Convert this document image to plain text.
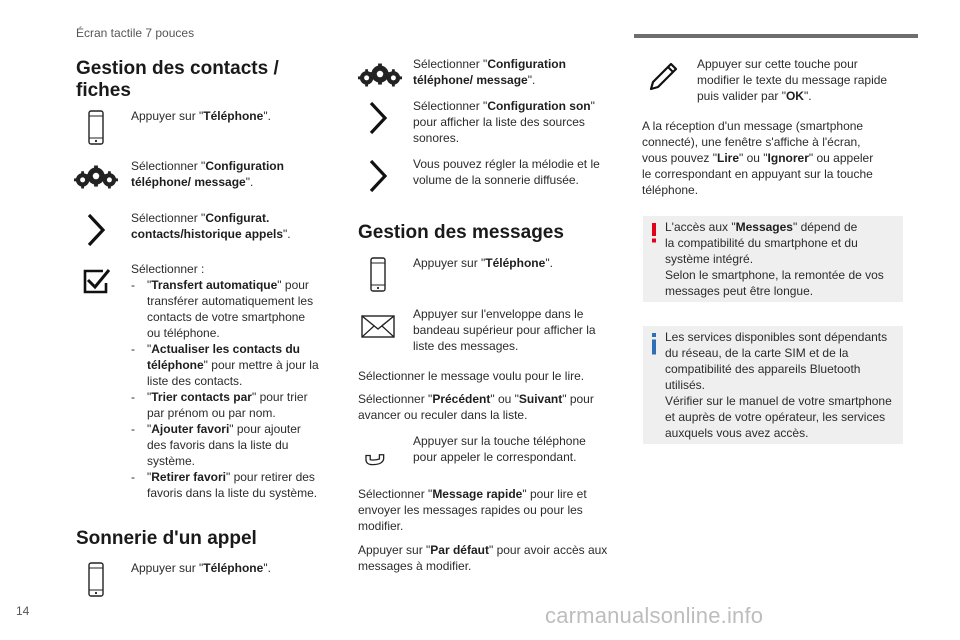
Écran tactile 7 pouces
Gestion des contacts /
fiches
Appuyer sur "Téléphone".
Sélectionner "Configuration
téléphone/ message".
Sélectionner "Configurat.
contacts/historique appels".
Sélectionner :
- "Transfert automatique" pour
transférer automatiquement les
contacts de votre smartphone
ou téléphone.
- "Actualiser les contacts du
téléphone" pour mettre à jour la
liste des contacts.
- "Trier contacts par" pour trier
par prénom ou par nom.
- "Ajouter favori" pour ajouter
des favoris dans la liste du
système.
- "Retirer favori" pour retirer des
favoris dans la liste du système.
Sonnerie d'un appel
Appuyer sur "Téléphone".
Sélectionner "Configuration
téléphone/ message".
Sélectionner "Configuration son"
pour afficher la liste des sources
sonores.
Vous pouvez régler la mélodie et le
volume de la sonnerie diffusée.
Gestion des messages
Appuyer sur "Téléphone".
Appuyer sur l'enveloppe dans le
bandeau supérieur pour afficher la
liste des messages.
Sélectionner le message voulu pour le lire.
Sélectionner "Précédent" ou "Suivant" pour
avancer ou reculer dans la liste.
Appuyer sur la touche téléphone
pour appeler le correspondant.
Sélectionner "Message rapide" pour lire et
envoyer les messages rapides ou pour les
modifier.
Appuyer sur "Par défaut" pour avoir accès aux
messages à modifier.
Appuyer sur cette touche pour
modifier le texte du message rapide
puis valider par "OK".
A la réception d'un message (smartphone
connecté), une fenêtre s'affiche à l'écran,
vous pouvez "Lire" ou "Ignorer" ou appeler
le correspondant en appuyant sur la touche
téléphone.
L'accès aux "Messages" dépend de
la compatibilité du smartphone et du
système intégré.
Selon le smartphone, la remontée de vos
messages peut être longue.
Les services disponibles sont dépendants
du réseau, de la carte SIM et de la
compatibilité des appareils Bluetooth
utilisés.
Vérifier sur le manuel de votre smartphone
et auprès de votre opérateur, les services
auxquels vous avez accès.
14	carmanualsonline.info
